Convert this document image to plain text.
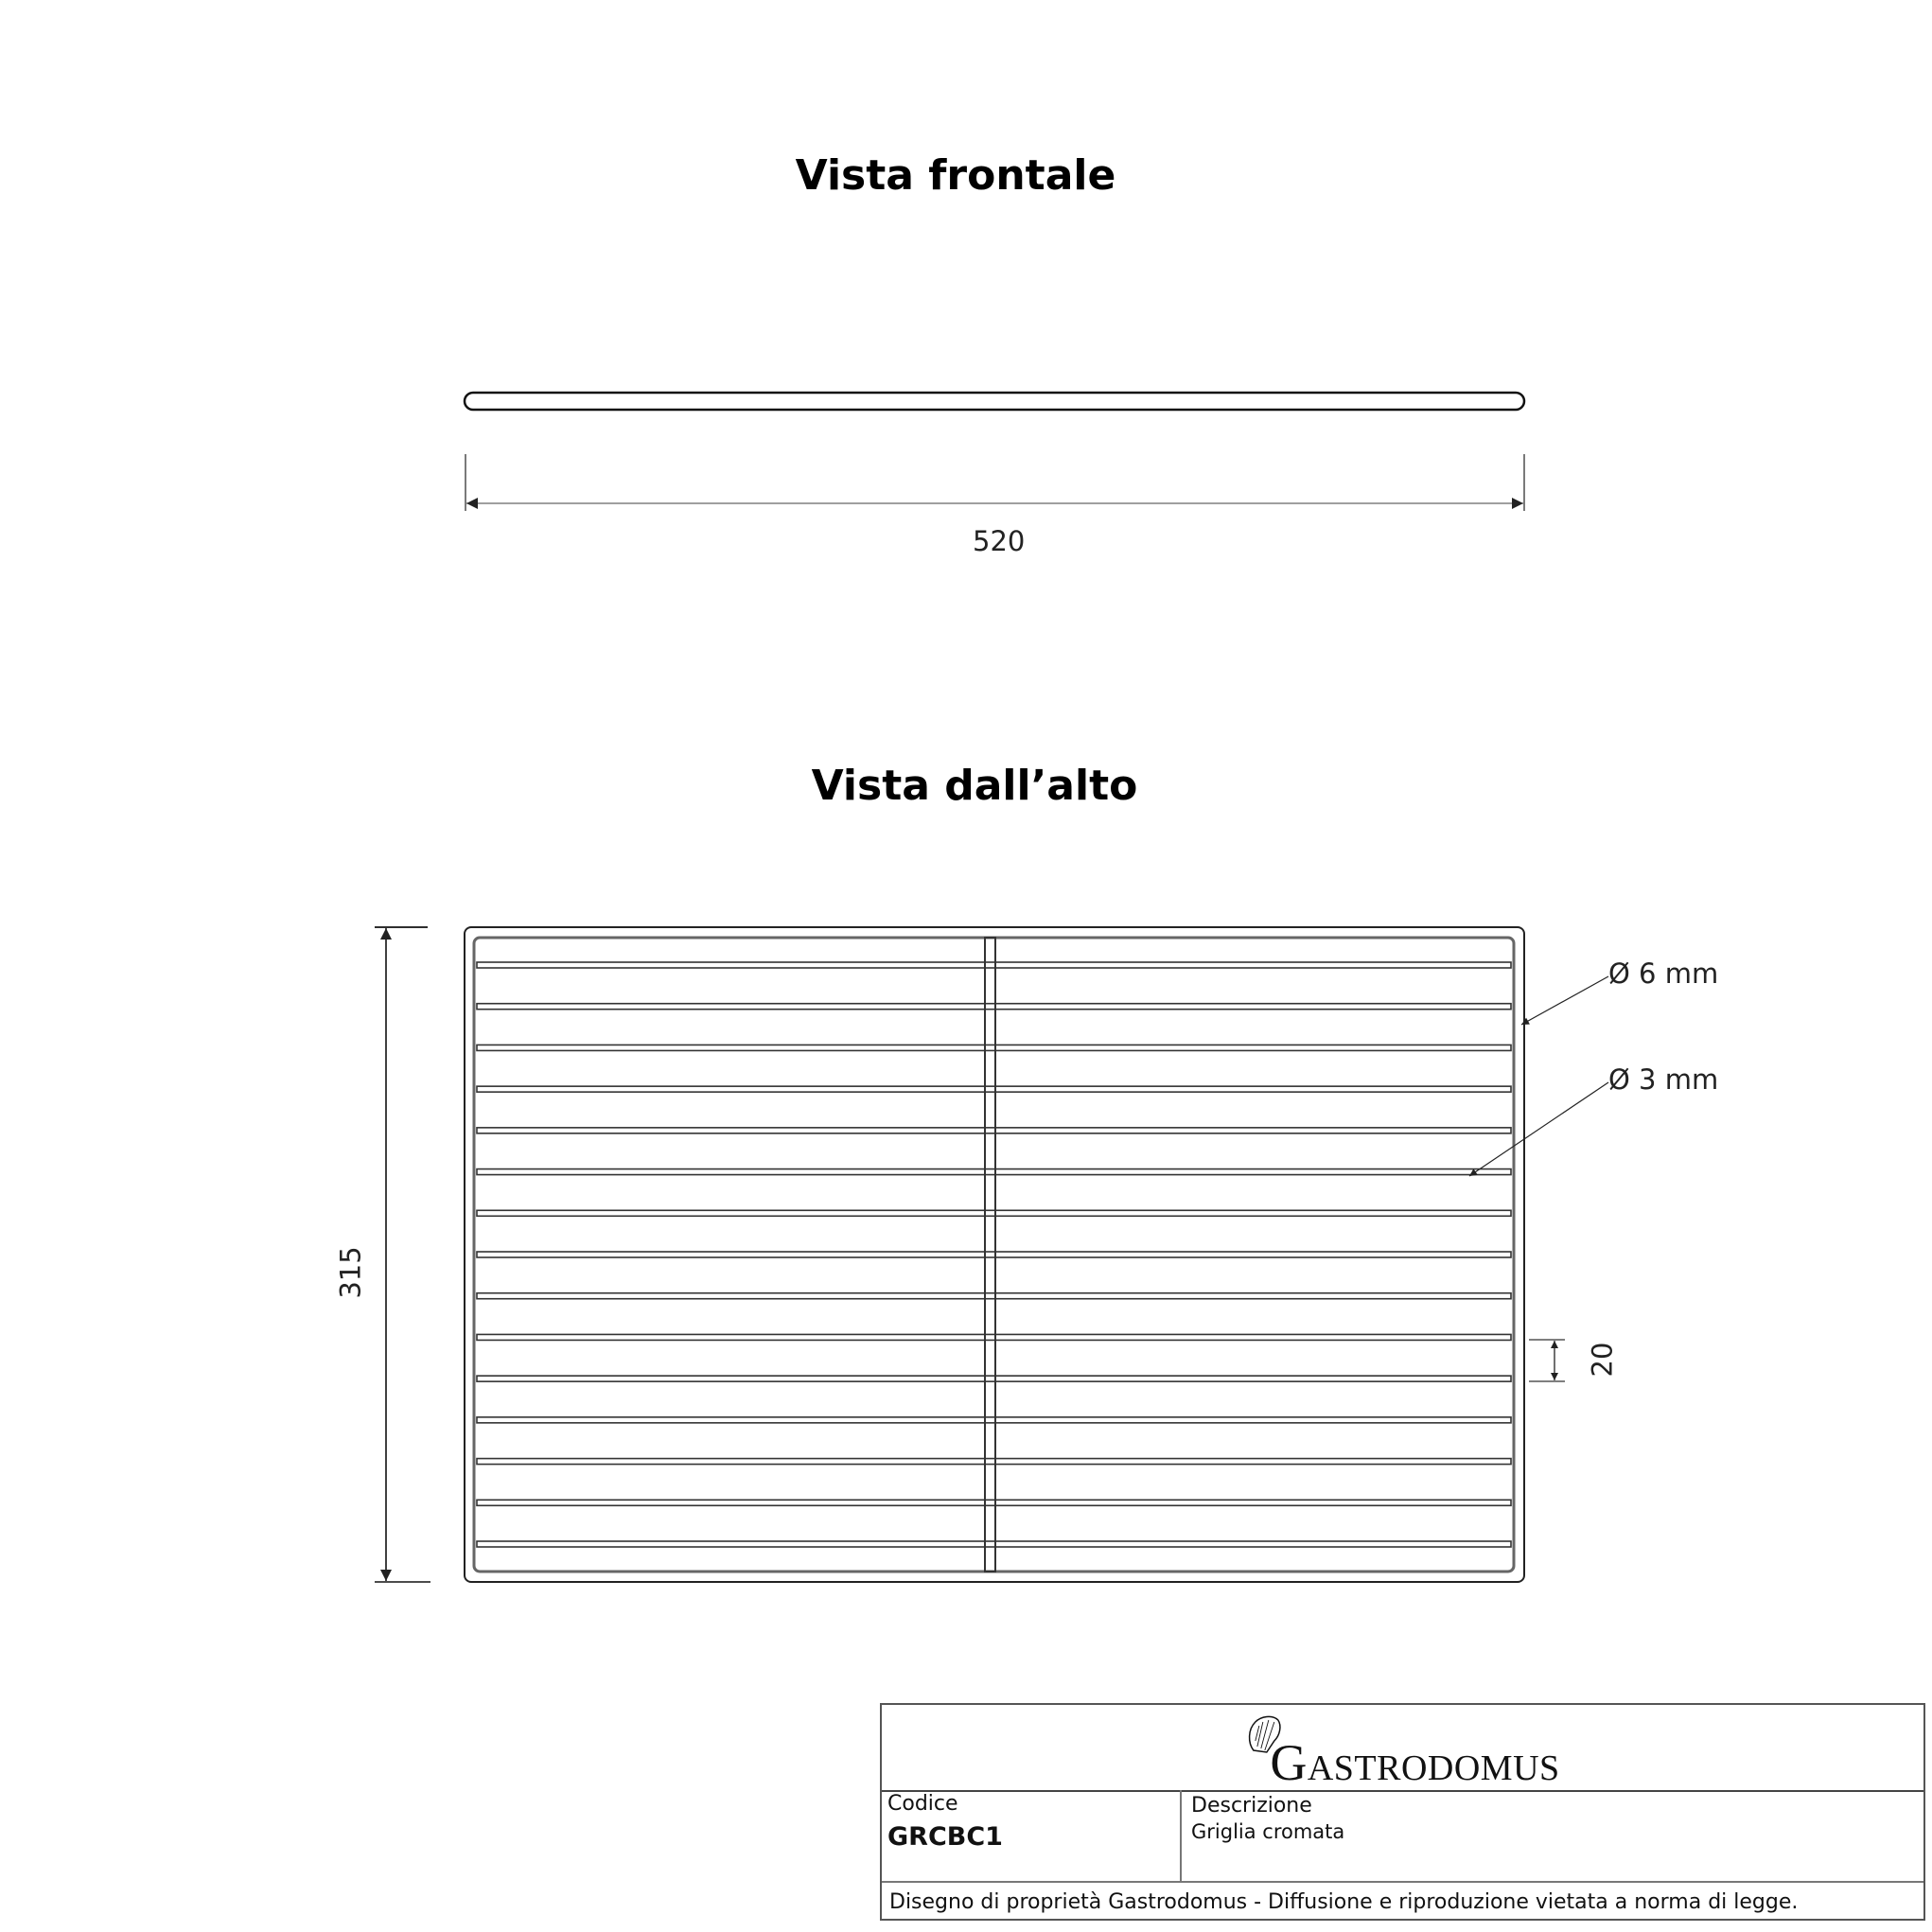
Vista frontale
Vista dall’alto
520
315
20
Ø 6 mm
Ø 3 mm
GASTRODOMUS
Codice
GRCBC1
Descrizione
Griglia cromata
Disegno di proprietà Gastrodomus - Diffusione e riproduzione vietata a norma di legge.
